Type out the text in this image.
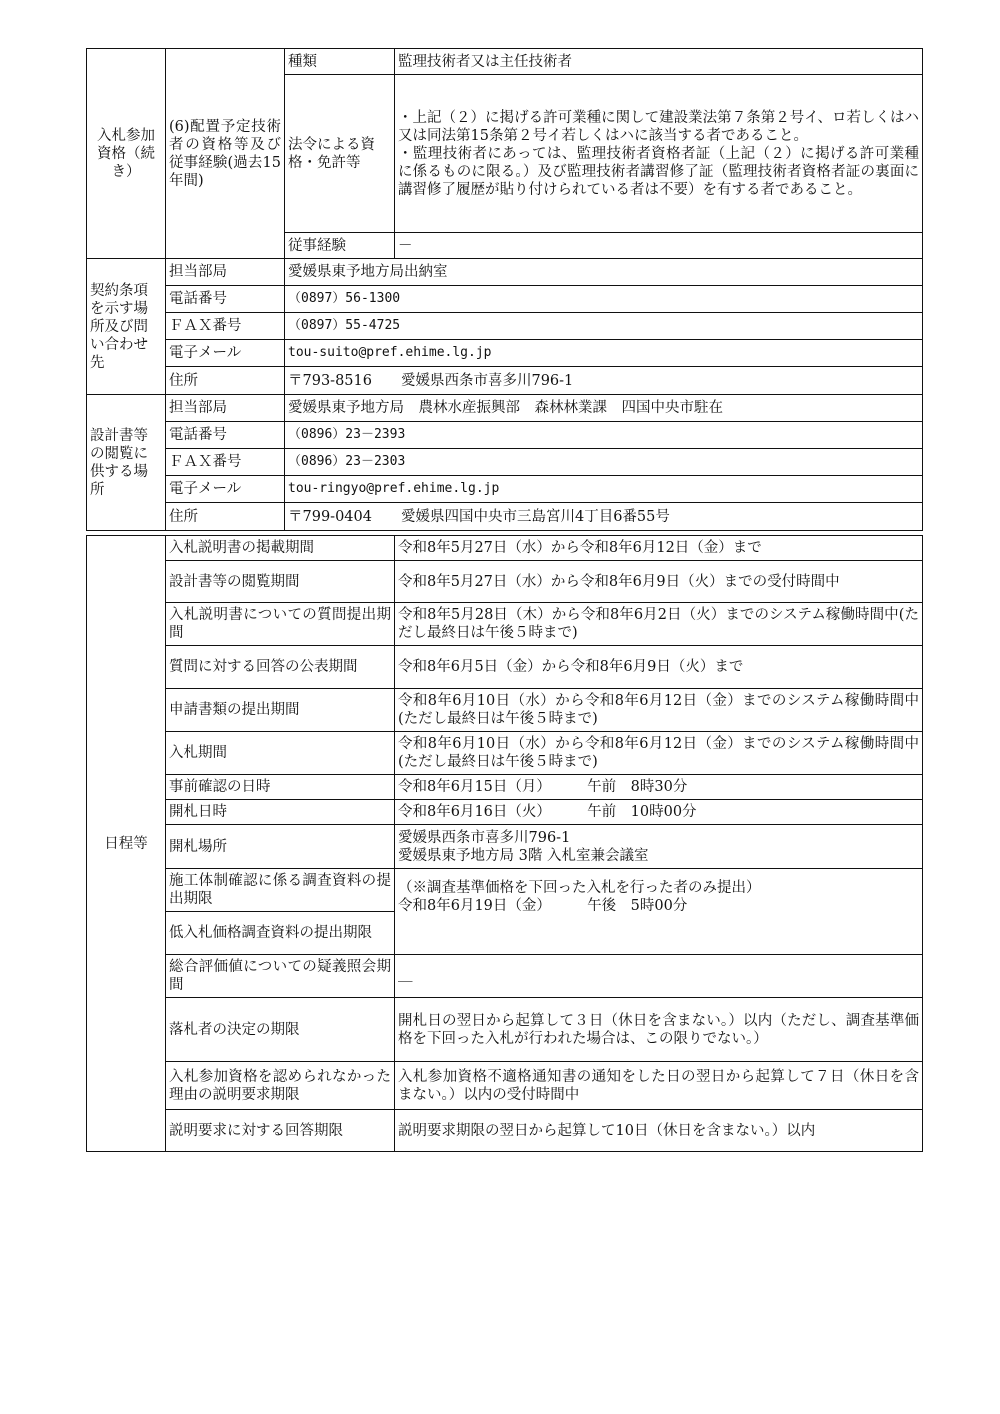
入札参加資格（続き）	(6)配置予定技術者の資格等及び従事経験(過去15年間)	種類	監理技術者又は主任技術者
		法令による資格・免許等	・上記（２）に掲げる許可業種に関して建設業法第７条第２号イ、ロ若しくはハ又は同法第15条第２号イ若しくはハに該当する者であること。
・監理技術者にあっては、監理技術者資格者証（上記（２）に掲げる許可業種に係るものに限る。）及び監理技術者講習修了証（監理技術者資格者証の裏面に講習修了履歴が貼り付けられている者は不要）を有する者であること。

		従事経験	－
契約条項を示す場所及び問い合わせ先	担当部局	愛媛県東予地方局出納室	
	電話番号	（0897）56-1300	
	ＦＡＸ番号	（0897）55-4725	
	電子メール	tou-suito@pref.ehime.lg.jp	
	住所	〒793-8516　　愛媛県西条市喜多川796-1	
設計書等の閲覧に供する場所	担当部局	愛媛県東予地方局　農林水産振興部　森林林業課　四国中央市駐在	
	電話番号	（0896）23－2393	
	ＦＡＸ番号	（0896）23－2303	
	電子メール	tou-ringyo@pref.ehime.lg.jp	
	住所	〒799-0404　　愛媛県四国中央市三島宮川4丁目6番55号	
日程等	入札説明書の掲載期間	令和8年5月27日（水）から令和8年6月12日（金）まで
	設計書等の閲覧期間	令和8年5月27日（水）から令和8年6月9日（火）までの受付時間中
	入札説明書についての質問提出期間	令和8年5月28日（木）から令和8年6月2日（火）までのシステム稼働時間中(ただし最終日は午後５時まで)
	質問に対する回答の公表期間	令和8年6月5日（金）から令和8年6月9日（火）まで
	申請書類の提出期間	令和8年6月10日（水）から令和8年6月12日（金）までのシステム稼働時間中(ただし最終日は午後５時まで)
	入札期間	令和8年6月10日（水）から令和8年6月12日（金）までのシステム稼働時間中(ただし最終日は午後５時まで)
	事前確認の日時	令和8年6月15日（月）　　　午前　8時30分
	開札日時	令和8年6月16日（火）　　　午前　10時00分
	開札場所	愛媛県西条市喜多川796-1
愛媛県東予地方局 3階 入札室兼会議室

	施工体制確認に係る調査資料の提出期限	（※調査基準価格を下回った入札を行った者のみ提出）
令和8年6月19日（金）　　　午後　5時00分

	低入札価格調査資料の提出期限	
	総合評価値についての疑義照会期間	＿
	落札者の決定の期限	開札日の翌日から起算して３日（休日を含まない。）以内（ただし、調査基準価格を下回った入札が行われた場合は、この限りでない。）
	入札参加資格を認められなかった理由の説明要求期限	入札参加資格不適格通知書の通知をした日の翌日から起算して７日（休日を含まない。）以内の受付時間中
	説明要求に対する回答期限	説明要求期限の翌日から起算して10日（休日を含まない。）以内
